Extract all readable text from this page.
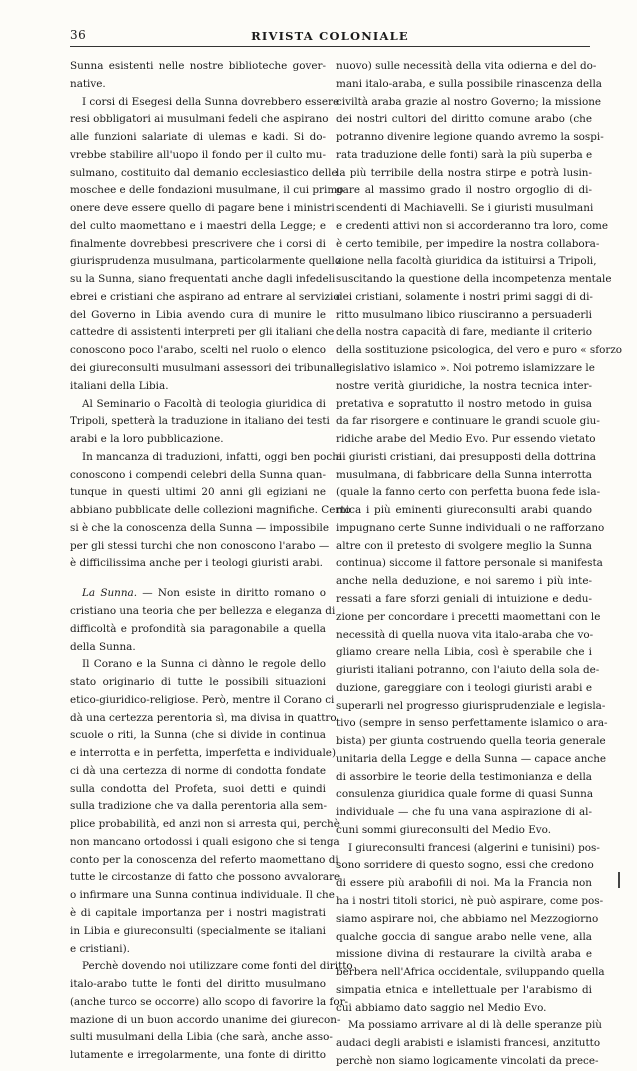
36	RIVISTA COLONIALE
Sunna esistenti nelle nostre biblioteche gover-
native.
I corsi di Esegesi della Sunna dovrebbero essere
resi obbligatori ai musulmani fedeli che aspirano
alle funzioni salariate di ulemas e kadi. Si do-
vrebbe stabilire all'uopo il fondo per il culto mu-
sulmano, costituito dal demanio ecclesiastico delle
moschee e delle fondazioni musulmane, il cui primo
onere deve essere quello di pagare bene i ministri
del culto maomettano e i maestri della Legge; e
finalmente dovrebbesi prescrivere che i corsi di
giurisprudenza musulmana, particolarmente quello
su la Sunna, siano frequentati anche dagli infedeli
ebrei e cristiani che aspirano ad entrare al servizio
del Governo in Libia avendo cura di munire le
cattedre di assistenti interpreti per gli italiani che
conoscono poco l'arabo, scelti nel ruolo o elenco
dei giureconsulti musulmani assessori dei tribunali
italiani della Libia.
Al Seminario o Facoltà di teologia giuridica di
Tripoli, spetterà la traduzione in italiano dei testi
arabi e la loro pubblicazione.
In mancanza di traduzioni, infatti, oggi ben pochi
conoscono i compendi celebri della Sunna quan-
tunque in questi ultimi 20 anni gli egiziani ne
abbiano pubblicate delle collezioni magnifiche. Certo
si è che la conoscenza della Sunna — impossibile
per gli stessi turchi che non conoscono l'arabo —
è difficilissima anche per i teologi giuristi arabi.
La Sunna. — Non esiste in diritto romano o
cristiano una teoria che per bellezza e eleganza di
difficoltà e profondità sia paragonabile a quella
della Sunna.
Il Corano e la Sunna ci dànno le regole dello
stato originario di tutte le possibili situazioni
etico-giuridico-religiose. Però, mentre il Corano ci
dà una certezza perentoria sì, ma divisa in quattro
scuole o riti, la Sunna (che si divide in continua
e interrotta e in perfetta, imperfetta e individuale)
ci dà una certezza di norme di condotta fondate
sulla condotta del Profeta, suoi detti e quindi
sulla tradizione che va dalla perentoria alla sem-
plice probabilità, ed anzi non si arresta qui, perchè
non mancano ortodossi i quali esigono che si tenga
conto per la conoscenza del referto maomettano di
tutte le circostanze di fatto che possono avvalorare
o infirmare una Sunna continua individuale. Il che
è di capitale importanza per i nostri magistrati
in Libia e giureconsulti (specialmente se italiani
e cristiani).
Perchè dovendo noi utilizzare come fonti del diritto
italo-arabo tutte le fonti del diritto musulmano
(anche turco se occorre) allo scopo di favorire la for-
mazione di un buon accordo unanime dei giurecon-
sulti musulmani della Libia (che sarà, anche asso-
lutamente e irregolarmente, una fonte di diritto
nuovo) sulle necessità della vita odierna e del do-
mani italo-araba, e sulla possibile rinascenza della
civiltà araba grazie al nostro Governo; la missione
dei nostri cultori del diritto comune arabo (che
potranno divenire legione quando avremo la sospi-
rata traduzione delle fonti) sarà la più superba e
la più terribile della nostra stirpe e potrà lusin-
gare al massimo grado il nostro orgoglio di di-
scendenti di Machiavelli. Se i giuristi musulmani
e credenti attivi non si accorderanno tra loro, come
è certo temibile, per impedire la nostra collabora-
zione nella facoltà giuridica da istituirsi a Tripoli,
suscitando la questione della incompetenza mentale
dei cristiani, solamente i nostri primi saggi di di-
ritto musulmano libico riusciranno a persuaderli
della nostra capacità di fare, mediante il criterio
della sostituzione psicologica, del vero e puro « sforzo
legislativo islamico ». Noi potremo islamizzare le
nostre verità giuridiche, la nostra tecnica inter-
pretativa e sopratutto il nostro metodo in guisa
da far risorgere e continuare le grandi scuole giu-
ridiche arabe del Medio Evo. Pur essendo vietato
ai giuristi cristiani, dai presupposti della dottrina
musulmana, di fabbricare della Sunna interrotta
(quale la fanno certo con perfetta buona fede isla-
mica i più eminenti giureconsulti arabi quando
impugnano certe Sunne individuali o ne rafforzano
altre con il pretesto di svolgere meglio la Sunna
continua) siccome il fattore personale si manifesta
anche nella deduzione, e noi saremo i più inte-
ressati a fare sforzi geniali di intuizione e dedu-
zione per concordare i precetti maomettani con le
necessità di quella nuova vita italo-araba che vo-
gliamo creare nella Libia, così è sperabile che i
giuristi italiani potranno, con l'aiuto della sola de-
duzione, gareggiare con i teologi giuristi arabi e
superarli nel progresso giurisprudenziale e legisla-
tivo (sempre in senso perfettamente islamico o ara-
bista) per giunta costruendo quella teoria generale
unitaria della Legge e della Sunna — capace anche
di assorbire le teorie della testimonianza e della
consulenza giuridica quale forme di quasi Sunna
individuale — che fu una vana aspirazione di al-
cuni sommi giureconsulti del Medio Evo.
I giureconsulti francesi (algerini e tunisini) pos-
sono sorridere di questo sogno, essi che credono
di essere più arabofili di noi. Ma la Francia non
ha i nostri titoli storici, nè può aspirare, come pos-
siamo aspirare noi, che abbiamo nel Mezzogiorno
qualche goccia di sangue arabo nelle vene, alla
missione divina di restaurare la civiltà araba e
berbera nell'Africa occidentale, sviluppando quella
simpatia etnica e intellettuale per l'arabismo di
cui abbiamo dato saggio nel Medio Evo.
Ma possiamo arrivare al di là delle speranze più
audaci degli arabisti e islamisti francesi, anzitutto
perchè non siamo logicamente vincolati da prece-
